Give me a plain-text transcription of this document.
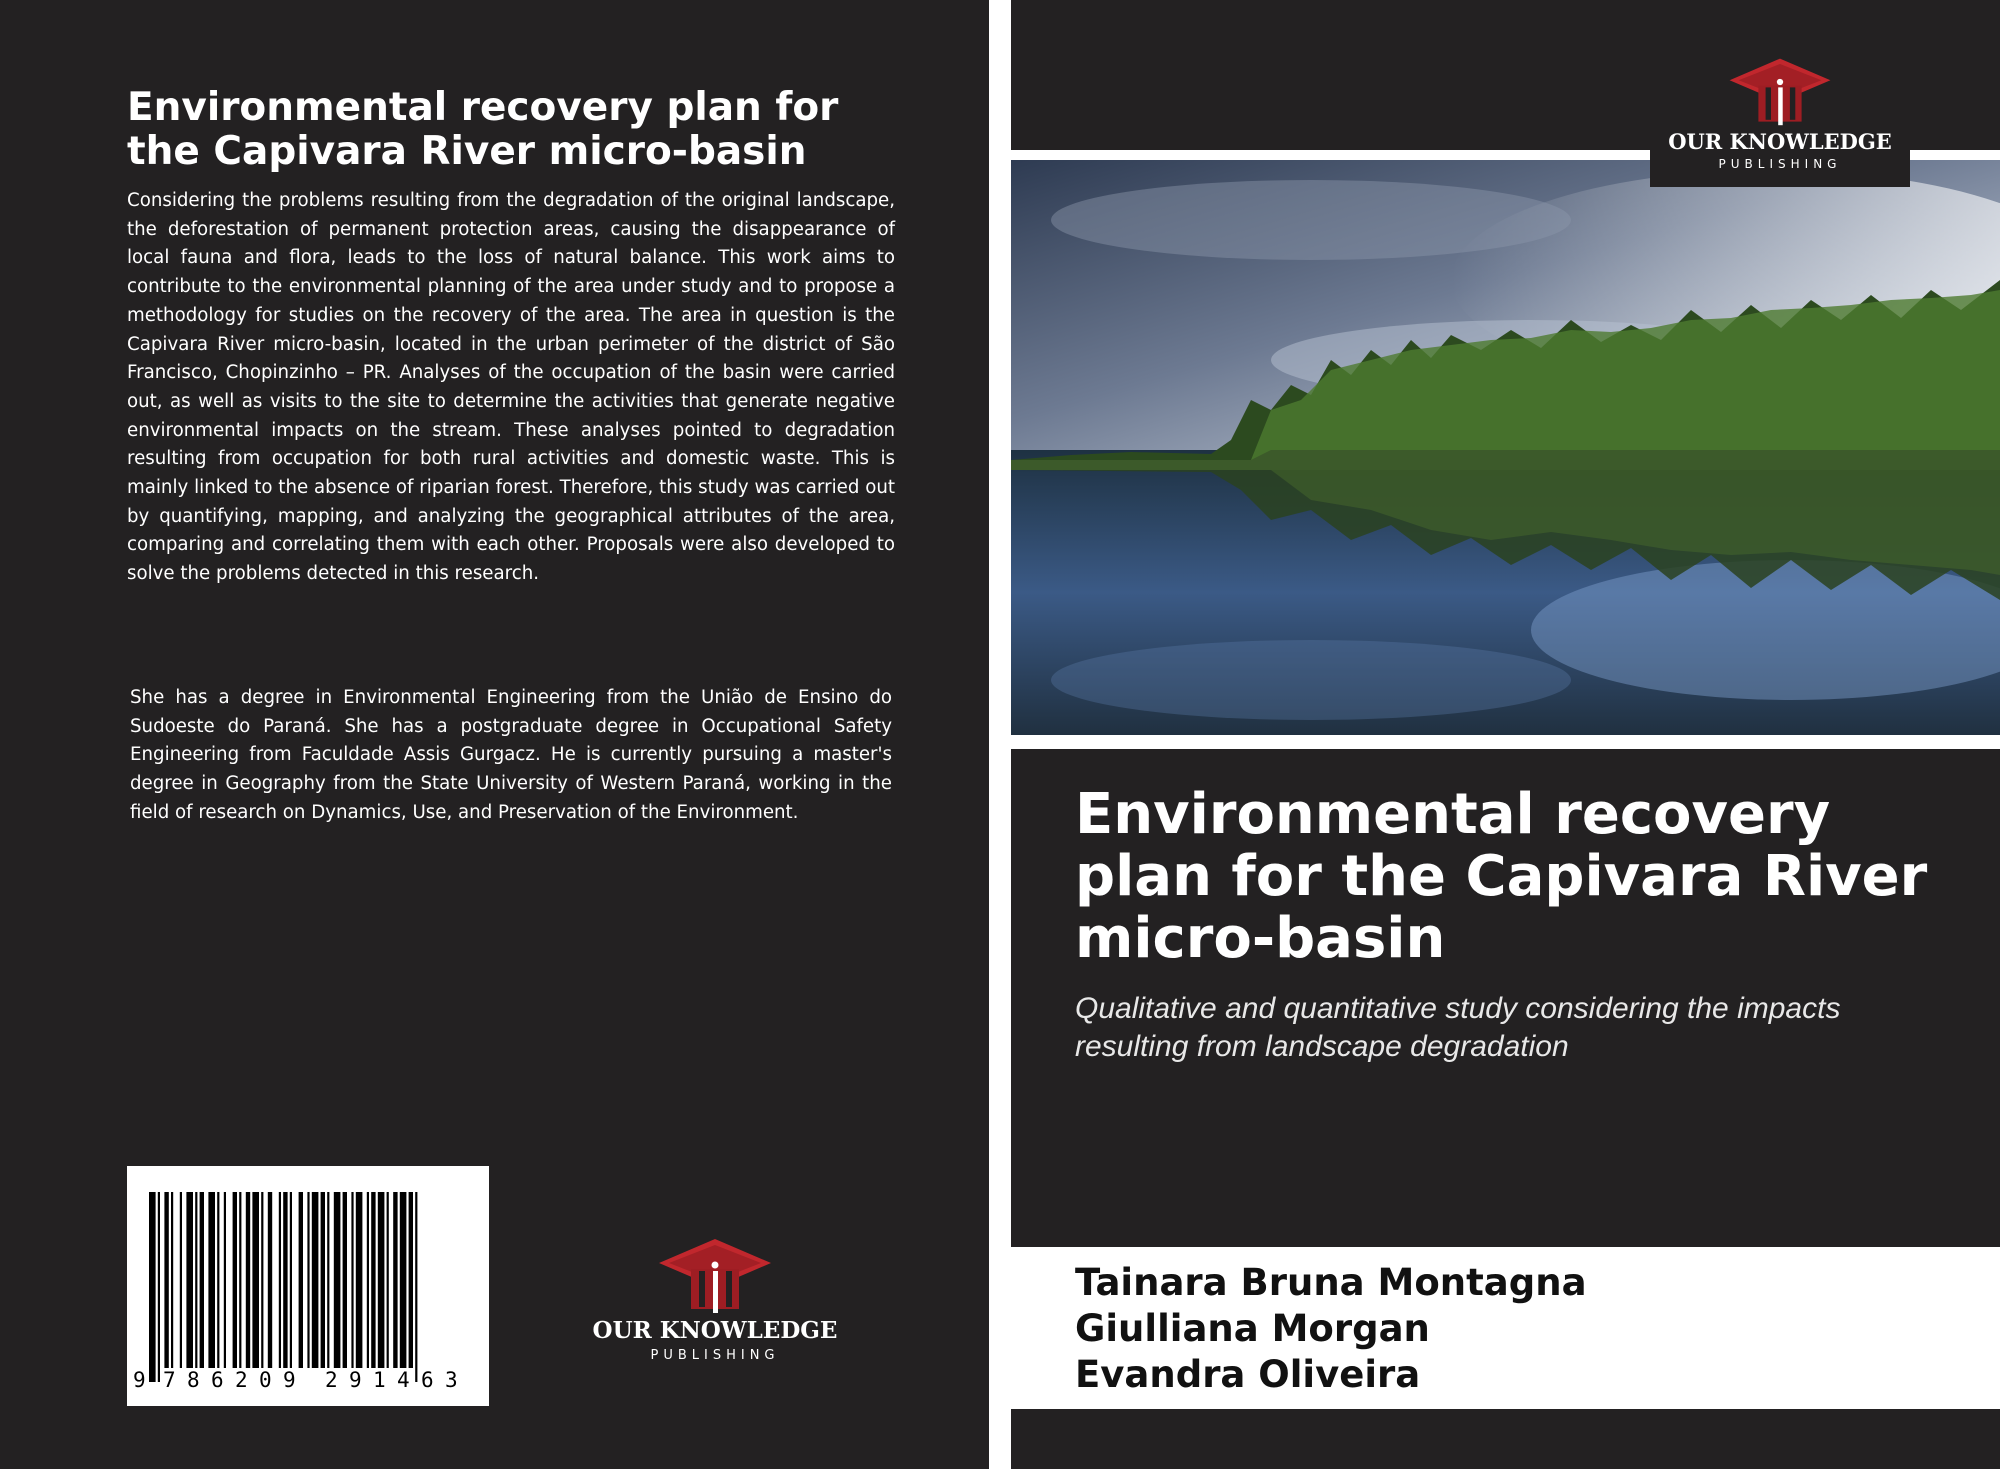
Environmental recovery plan for the Capivara River micro-basin

Considering the problems resulting from the degradation of the original landscape, the deforestation of permanent protection areas, causing the disappearance of local fauna and flora, leads to the loss of natural balance. This work aims to contribute to the environmental planning of the area under study and to propose a methodology for studies on the recovery of the area. The area in question is the Capivara River micro-basin, located in the urban perimeter of the district of São Francisco, Chopinzinho – PR. Analyses of the occupation of the basin were carried out, as well as visits to the site to determine the activities that generate negative environmental impacts on the stream. These analyses pointed to degradation resulting from occupation for both rural activities and domestic waste. This is mainly linked to the absence of riparian forest. Therefore, this study was carried out by quantifying, mapping, and analyzing the geographical attributes of the area, comparing and correlating them with each other. Proposals were also developed to solve the problems detected in this research.

She has a degree in Environmental Engineering from the União de Ensino do Sudoeste do Paraná. She has a postgraduate degree in Occupational Safety Engineering from Faculdade Assis Gurgacz. He is currently pursuing a master's degree in Geography from the State University of Western Paraná, working in the field of research on Dynamics, Use, and Preservation of the Environment.

9 7 8 6 2 0 9 2 9 1 4 6 3
OUR KNOWLEDGE
PUBLISHING
OUR KNOWLEDGE
PUBLISHING
Environmental recovery plan for the Capivara River micro-basin
Qualitative and quantitative study considering the impacts resulting from landscape degradation
Tainara Bruna Montagna
Giulliana Morgan
Evandra Oliveira
